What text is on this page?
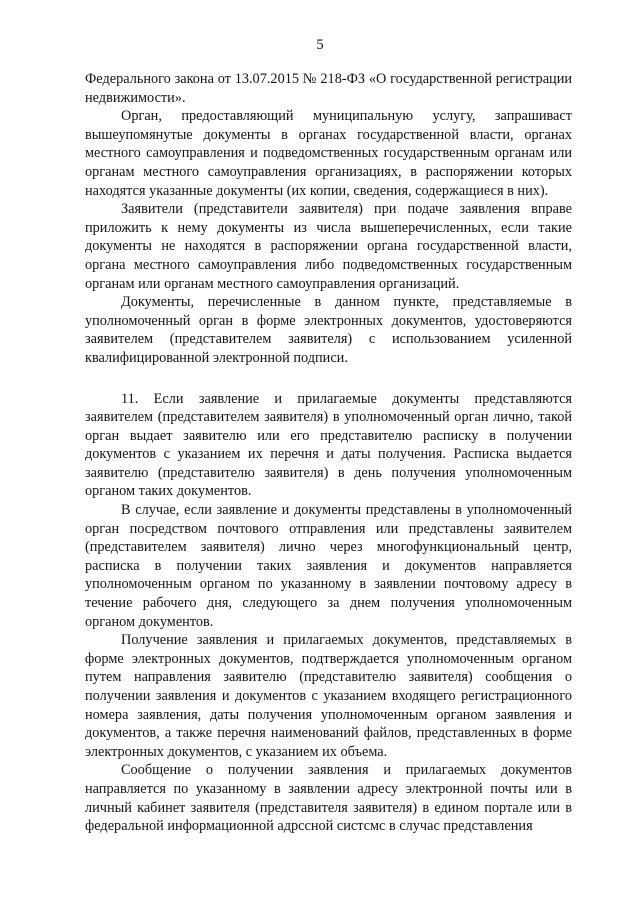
5

Федерального закона от 13.07.2015 № 218-ФЗ «О государственной регистрации недвижимости».

Орган, предоставляющий муниципальную услугу, запрашиваст вышеупомянутые документы в органах государственной власти, органах местного самоуправления и подведомственных государственным органам или органам местного самоуправления организациях, в распоряжении которых находятся указанные документы (их копии, сведения, содержащиеся в них).

Заявители (представители заявителя) при подаче заявления вправе приложить к нему документы из числа вышеперечисленных, если такие документы не находятся в распоряжении органа государственной власти, органа местного самоуправления либо подведомственных государственным органам или органам местного самоуправления организаций.

Документы, перечисленные в данном пункте, представляемые в уполномоченный орган в форме электронных документов, удостоверяются заявителем (представителем заявителя) с использованием усиленной квалифицированной электронной подписи.

11. Если заявление и прилагаемые документы представляются заявителем (представителем заявителя) в уполномоченный орган лично, такой орган выдает заявителю или его представителю расписку в получении документов с указанием их перечня и даты получения. Расписка выдается заявителю (представителю заявителя) в день получения уполномоченным органом таких документов.

В случае, если заявление и документы представлены в уполномоченный орган посредством почтового отправления или представлены заявителем (представителем заявителя) лично через многофункциональный центр, расписка в получении таких заявления и документов направляется уполномоченным органом по указанному в заявлении почтовому адресу в течение рабочего дня, следующего за днем получения уполномоченным органом документов.

Получение заявления и прилагаемых документов, представляемых в форме электронных документов, подтверждается уполномоченным органом путем направления заявителю (представителю заявителя) сообщения о получении заявления и документов с указанием входящего регистрационного номера заявления, даты получения уполномоченным органом заявления и документов, а также перечня наименований файлов, представленных в форме электронных документов, с указанием их объема.

Сообщение о получении заявления и прилагаемых документов направляется по указанному в заявлении адресу электронной почты или в личный кабинет заявителя (представителя заявителя) в едином портале или в федеральной информационной адрссной систсмс в случас представления
